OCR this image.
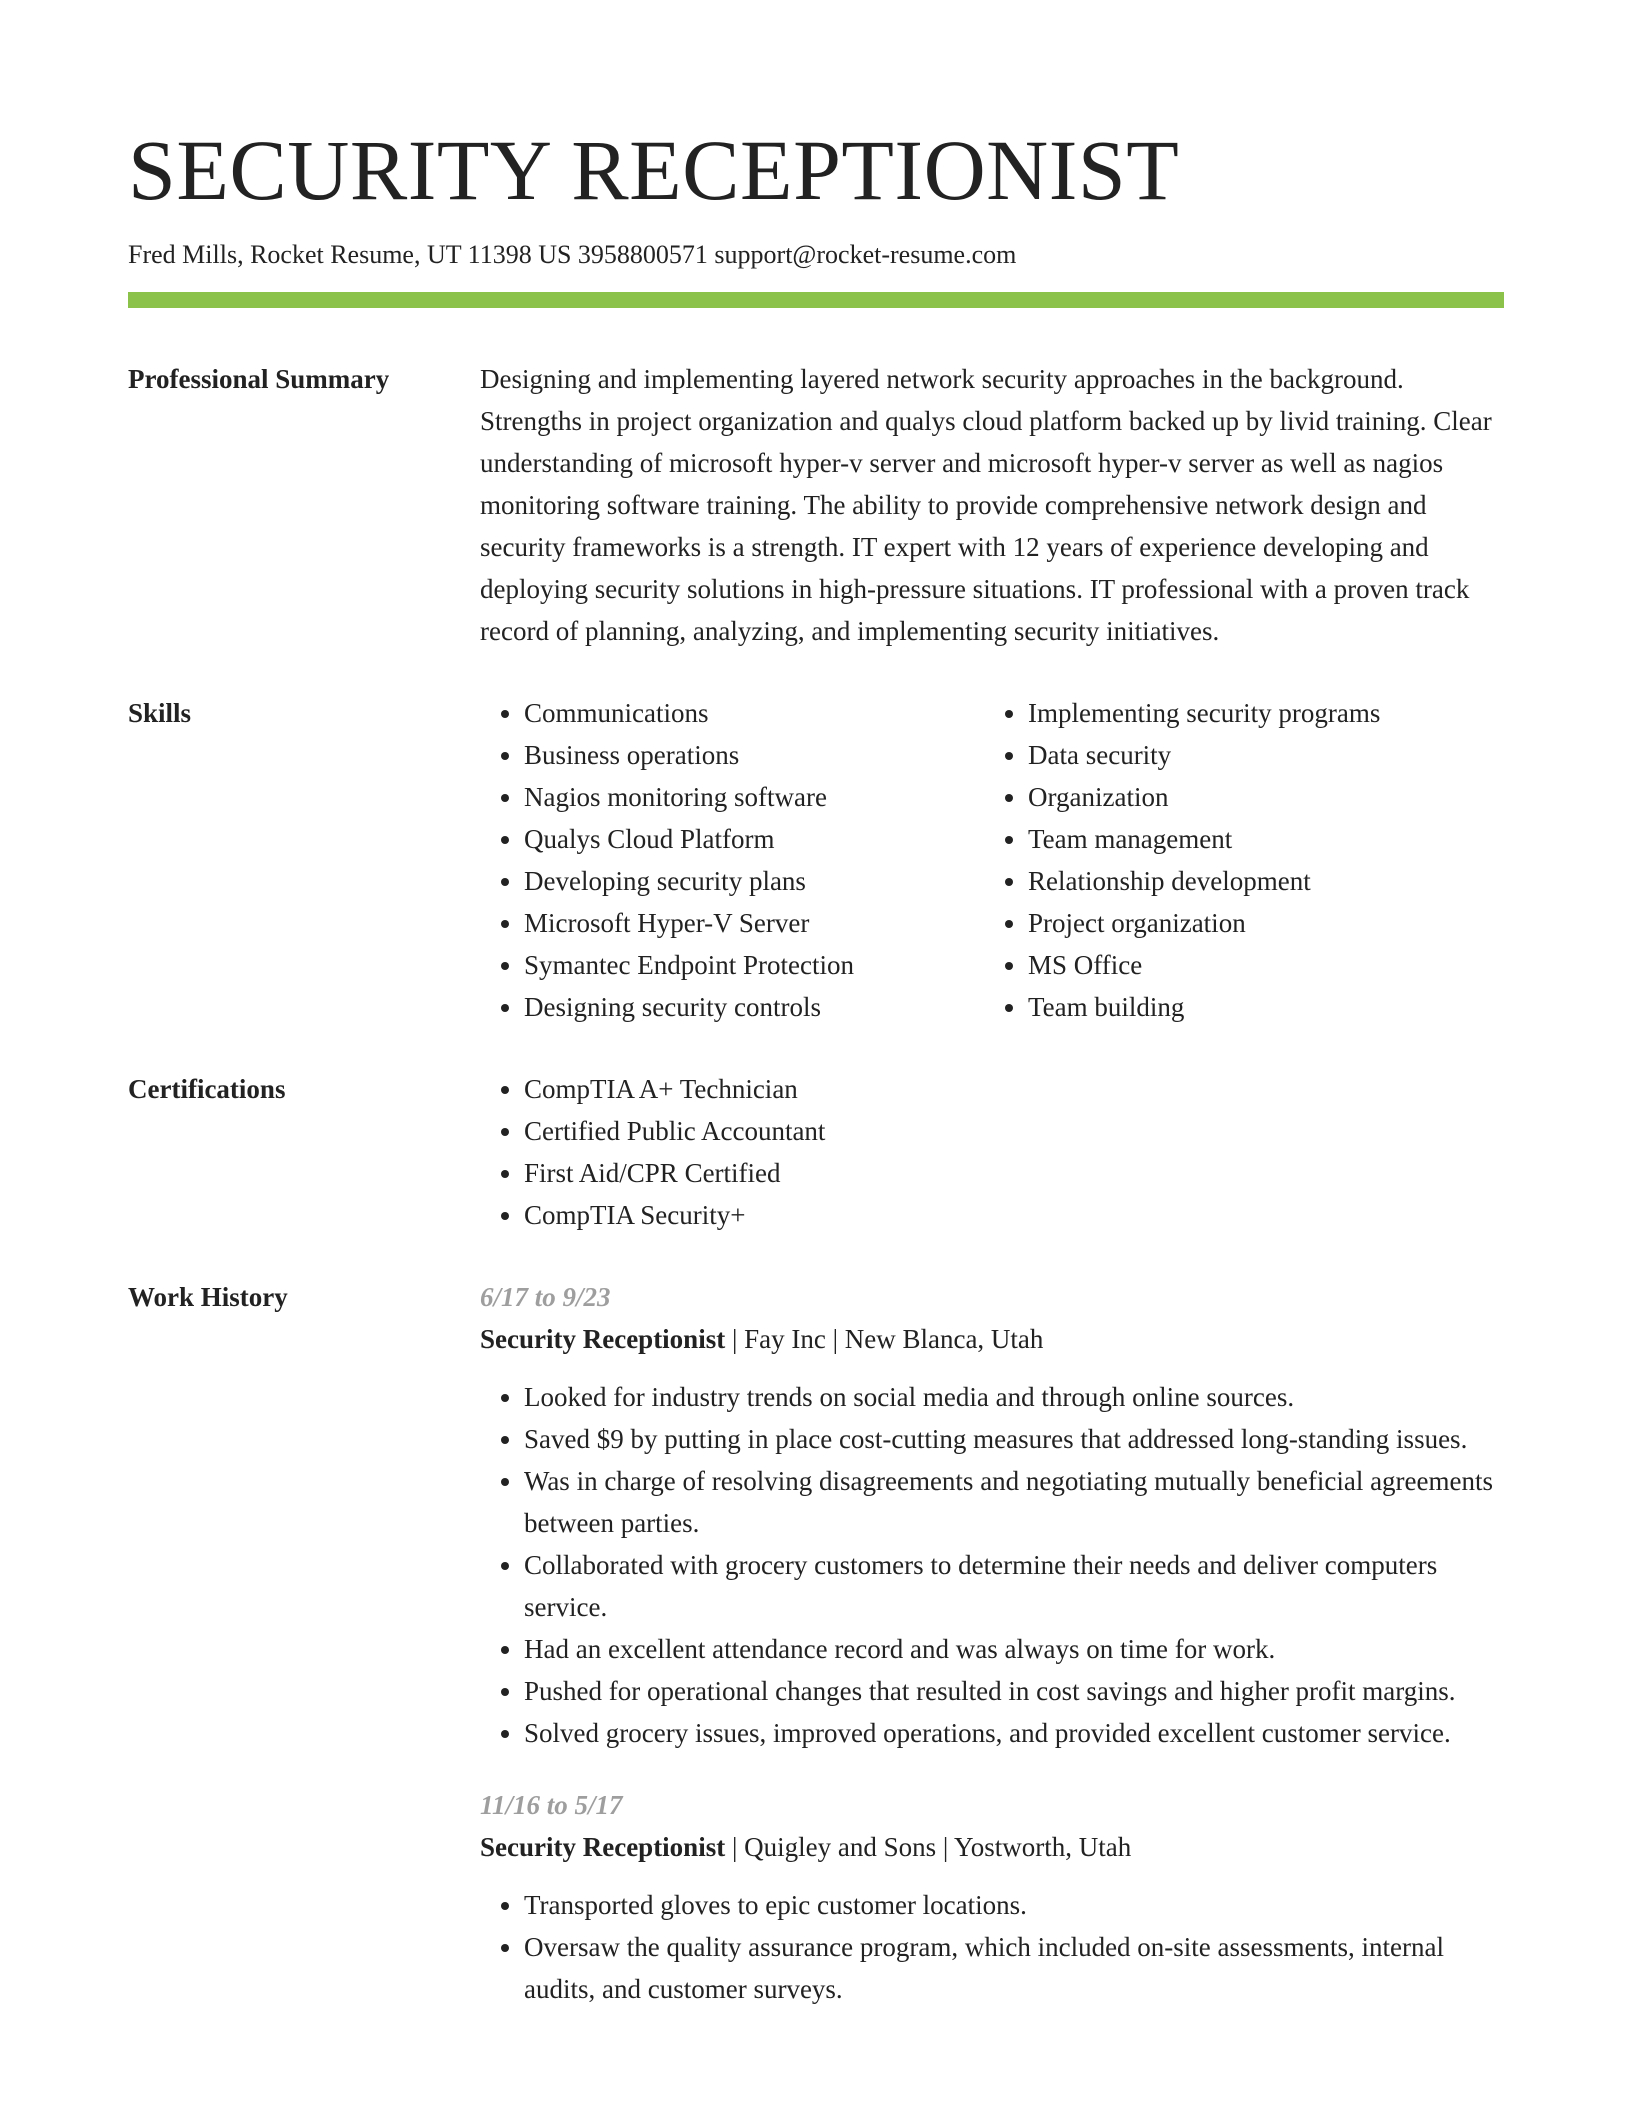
SECURITY RECEPTIONIST
Fred Mills, Rocket Resume, UT 11398 US 3958800571 support@rocket-resume.com
Professional Summary	Designing and implementing layered network security approaches in the background. Strengths in project organization and qualys cloud platform backed up by livid training. Clear understanding of microsoft hyper-v server and microsoft hyper-v server as well as nagios monitoring software training. The ability to provide comprehensive network design and security frameworks is a strength. IT expert with 12 years of experience developing and deploying security solutions in high-pressure situations. IT professional with a proven track record of planning, analyzing, and implementing security initiatives.

Skills	• Communications
• Business operations
• Nagios monitoring software
• Qualys Cloud Platform
• Developing security plans
• Microsoft Hyper-V Server
• Symantec Endpoint Protection
• Designing security controls
• Implementing security programs
• Data security
• Organization
• Team management
• Relationship development
• Project organization
• MS Office
• Team building
Certifications	• CompTIA A+ Technician
• Certified Public Accountant
• First Aid/CPR Certified
• CompTIA Security+
Work History	6/17 to 9/23
Security Receptionist | Fay Inc | New Blanca, Utah
• Looked for industry trends on social media and through online sources.
• Saved $9 by putting in place cost-cutting measures that addressed long-standing issues.
• Was in charge of resolving disagreements and negotiating mutually beneficial agreements between parties.
• Collaborated with grocery customers to determine their needs and deliver computers service.
• Had an excellent attendance record and was always on time for work.
• Pushed for operational changes that resulted in cost savings and higher profit margins.
• Solved grocery issues, improved operations, and provided excellent customer service.
11/16 to 5/17
Security Receptionist | Quigley and Sons | Yostworth, Utah
• Transported gloves to epic customer locations.
• Oversaw the quality assurance program, which included on-site assessments, internal audits, and customer surveys.
